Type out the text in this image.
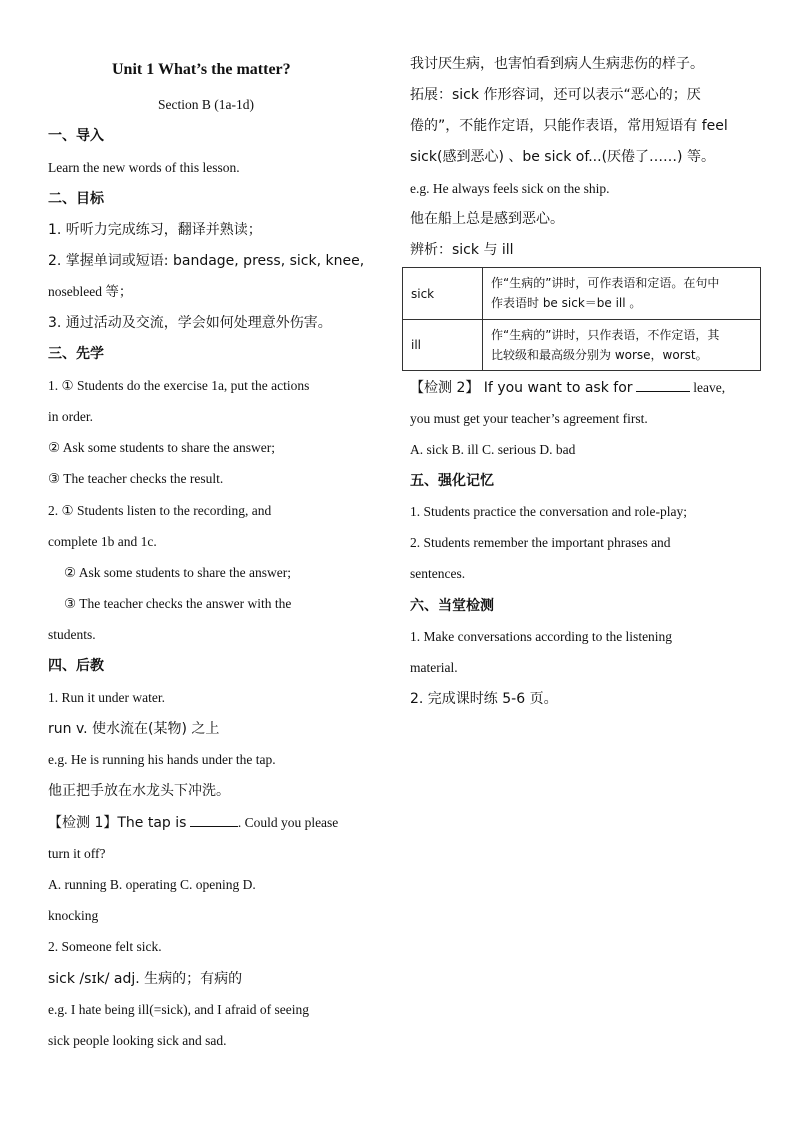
Unit 1 What’s the matter?
Section B (1a-1d)
一、导入
Learn the new words of this lesson.
二、目标
1. 听听力完成练习，翻译并熟读；
2. 掌握单词或短语: bandage, press, sick, knee,
nosebleed 等；
3. 通过活动及交流，学会如何处理意外伤害。
三、先学
1. ① Students do the exercise 1a, put the actions
in order.
② Ask some students to share the answer;
③ The teacher checks the result.
2. ① Students listen to the recording, and
complete 1b and 1c.
② Ask some students to share the answer;
③ The teacher checks the answer with the
students.
四、后教
1. Run it under water.
run v. 使水流在(某物) 之上
e.g. He is running his hands under the tap.
他正把手放在水龙头下冲洗。
【检测 1】The tap is	. Could you please
turn it off?
A. running B. operating C. opening D.
knocking
2. Someone felt sick.
sick /sɪk/ adj. 生病的；有病的
e.g. I hate being ill(=sick), and I afraid of seeing
sick people looking sick and sad.
我讨厌生病，也害怕看到病人生病悲伤的样子。
拓展：sick 作形容词，还可以表示“恶心的；厌
倦的”，不能作定语，只能作表语，常用短语有 feel
sick(感到恶心) 、be sick of...(厌倦了……) 等。
e.g. He always feels sick on the ship.
他在船上总是感到恶心。
辨析：sick 与 ill
【检测 2】 If you want to ask for	leave,
you must get your teacher’s agreement first.
A. sick B. ill C. serious D. bad
五、强化记忆
1. Students practice the conversation and role-play;
2. Students remember the important phrases and
sentences.
六、当堂检测
1. Make conversations according to the listening
material.
2. 完成课时练 5-6 页。
sick
作“生病的”讲时，可作表语和定语。在句中
作表语时 be sick＝be ill 。
ill
作“生病的”讲时，只作表语，不作定语，其
比较级和最高级分别为 worse，worst。
